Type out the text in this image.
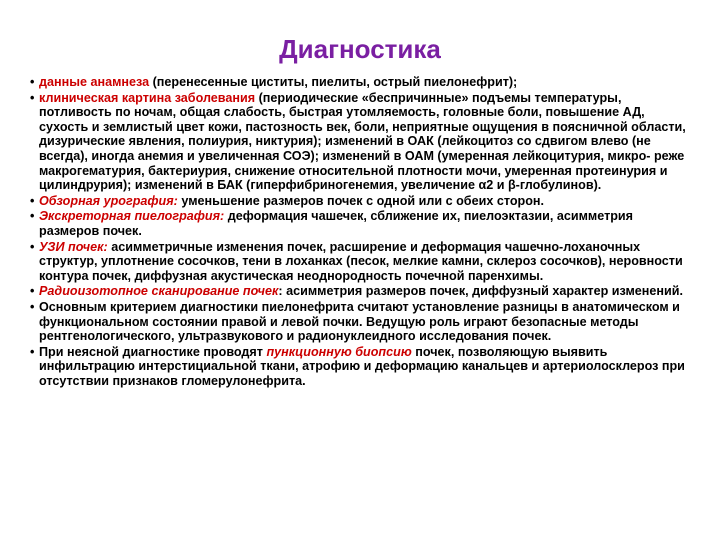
Диагностика
• данные анамнеза (перенесенные циститы, пиелиты, острый пиелонефрит);
• клиническая картина заболевания (периодические «беспричинные» подъемы температуры, потливость по ночам, общая слабость, быстрая утомляемость, головные боли, повышение АД, сухость и землистый цвет кожи, пастозность век, боли, неприятные ощущения в поясничной области, дизурические явления, полиурия, никтурия); изменений в ОАК (лейкоцитоз со сдвигом влево (не всегда), иногда анемия и увеличенная СОЭ); изменений в ОАМ (умеренная лейкоцитурия, микро- реже макрогематурия, бактериурия, снижение относительной плотности мочи, умеренная протеинурия и цилиндрурия); изменений в БАК (гиперфибриногенемия, увеличение α2 и β-глобулинов).
• Обзорная урография: уменьшение размеров почек с одной или с обеих сторон.
• Экскреторная пиелография: деформация чашечек, сближение их, пиелоэктазии, асимметрия размеров почек.
• УЗИ почек: асимметричные изменения почек, расширение и деформация чашечно-лоханочных структур, уплотнение сосочков, тени в лоханках (песок, мелкие камни, склероз сосочков), неровности контура почек, диффузная акустическая неоднородность почечной паренхимы.
• Радиоизотопное сканирование почек: асимметрия размеров почек, диффузный характер изменений.
• Основным критерием диагностики пиелонефрита считают установление разницы в анатомическом и функциональном состоянии правой и левой почки. Ведущую роль играют безопасные методы рентгенологического, ультразвукового и радионуклеидного исследования почек.
• При неясной диагностике проводят пункционную биопсию почек, позволяющую выявить инфильтрацию интерстициальной ткани, атрофию и деформацию канальцев и артериолосклероз при отсутствии признаков гломерулонефрита.
